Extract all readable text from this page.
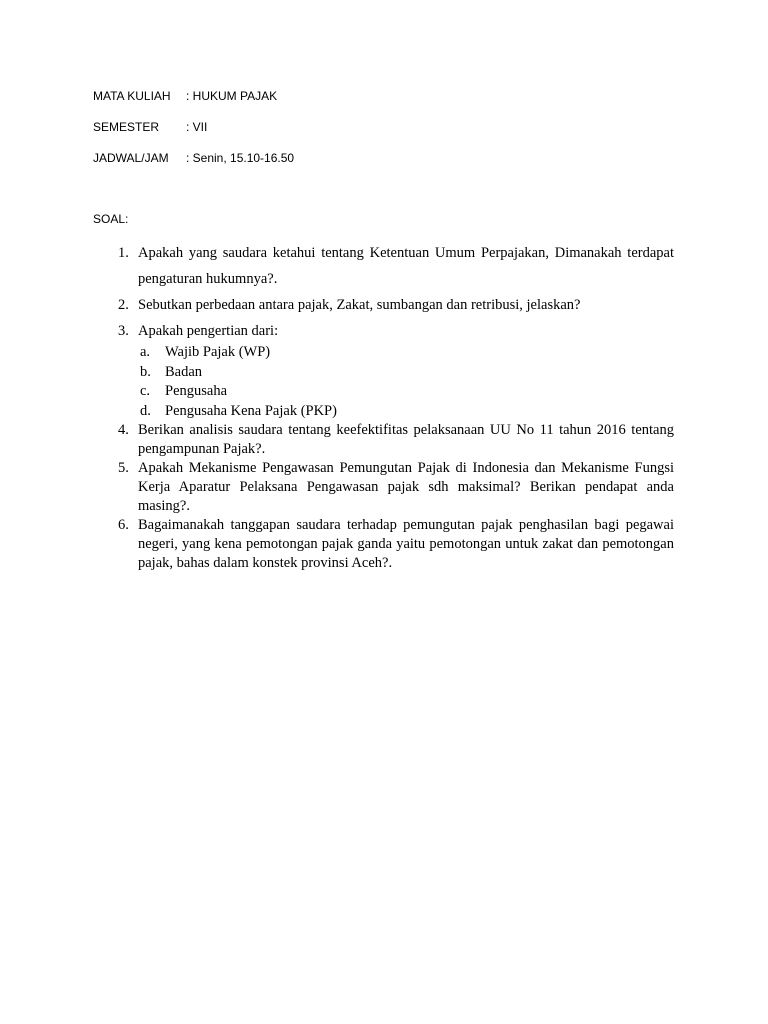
MATA KULIAH : HUKUM PAJAK
SEMESTER : VII
JADWAL/JAM : Senin, 15.10-16.50
SOAL:
1. Apakah yang saudara ketahui tentang Ketentuan Umum Perpajakan, Dimanakah terdapat pengaturan hukumnya?.
2. Sebutkan perbedaan antara pajak, Zakat, sumbangan dan retribusi, jelaskan?
3. Apakah pengertian dari:
a. Wajib Pajak (WP)
b. Badan
c. Pengusaha
d. Pengusaha Kena Pajak (PKP)
4. Berikan analisis saudara tentang keefektifitas pelaksanaan UU No 11 tahun 2016 tentang pengampunan Pajak?.
5. Apakah Mekanisme Pengawasan Pemungutan Pajak di Indonesia dan Mekanisme Fungsi Kerja Aparatur Pelaksana Pengawasan pajak sdh maksimal? Berikan pendapat anda masing?.
6. Bagaimanakah tanggapan saudara terhadap pemungutan pajak penghasilan bagi pegawai negeri, yang kena pemotongan pajak ganda yaitu pemotongan untuk zakat dan pemotongan pajak, bahas dalam konstek provinsi Aceh?.
